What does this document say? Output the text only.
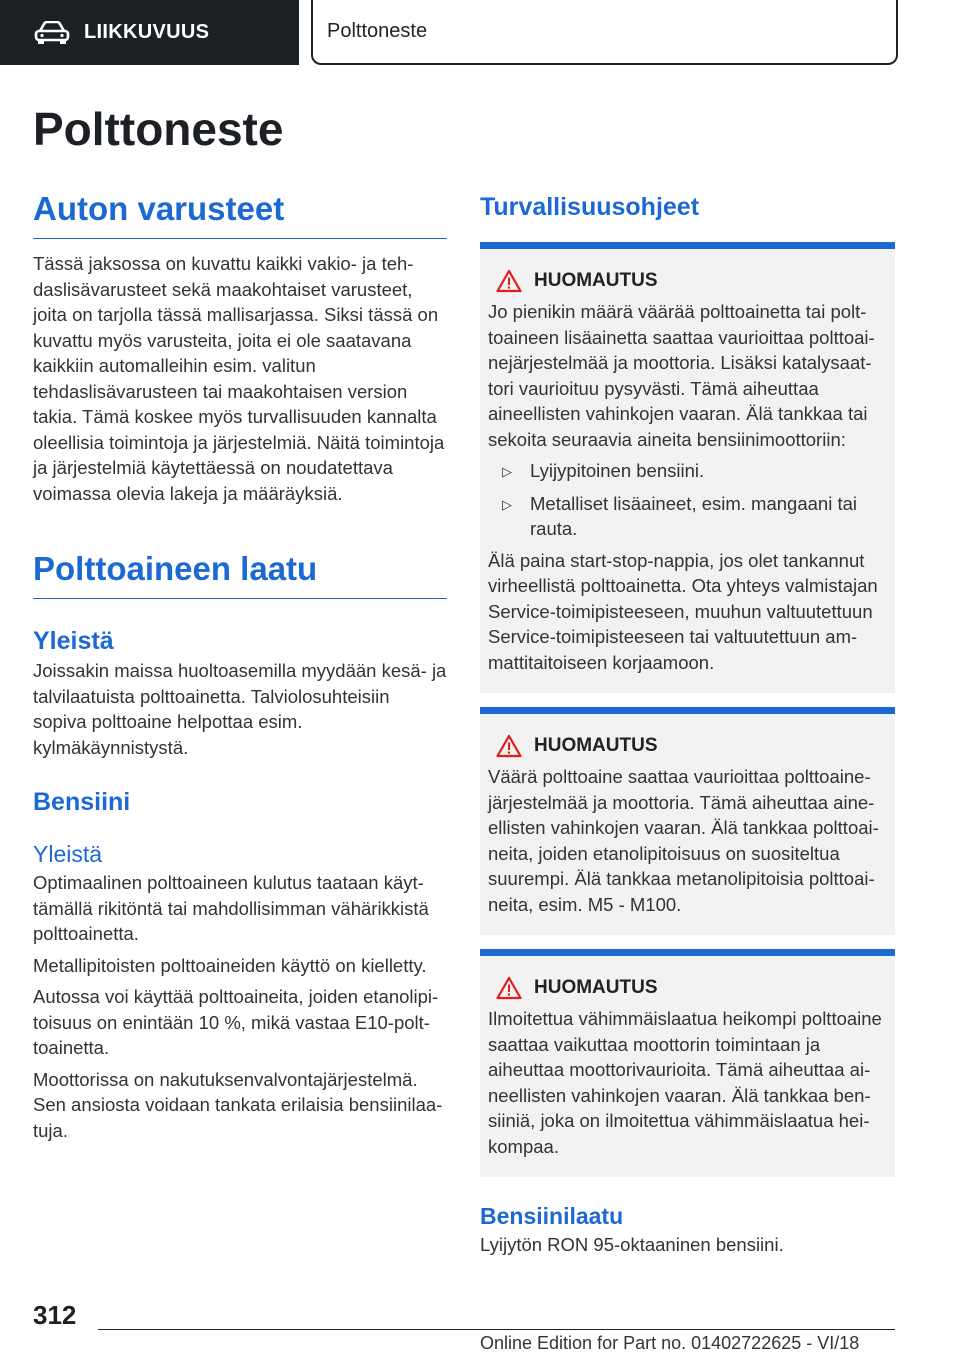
LIIKKUVUUS	Polttoneste
Polttoneste
Auton varusteet

Tässä jaksossa on kuvattu kaikki vakio- ja tehdaslisävarusteet sekä maakohtaiset varusteet, joita on tarjolla tässä mallisarjassa. Siksi tässä on kuvattu myös varusteita, joita ei ole saatavana kaikkiin automalleihin esim. valitun tehdaslisävarusteen tai maakohtaisen version takia. Tämä koskee myös turvallisuuden kannalta oleellisia toimintoja ja järjestelmiä. Näitä toimintoja ja järjestelmiä käytettäessä on noudatettava voimassa olevia lakeja ja määräyksiä.

Polttoaineen laatu
Yleistä

Joissakin maissa huoltoasemilla myydään kesä- ja talvilaatuista polttoainetta. Talviolosuhteisiin sopiva polttoaine helpottaa esim. kylmäkäynnistystä.

Bensiini
Yleistä

Optimaalinen polttoaineen kulutus taataan käyttämällä rikitöntä tai mahdollisimman vähärikkistä polttoainetta.

Metallipitoisten polttoaineiden käyttö on kielletty.

Autossa voi käyttää polttoaineita, joiden etanolipitoisuus on enintään 10 %, mikä vastaa E10-polttoainetta.

Moottorissa on nakutuksenvalvontajärjestelmä. Sen ansiosta voidaan tankata erilaisia bensiinilaatuja.

Turvallisuusohjeet
HUOMAUTUS

Jo pienikin määrä väärää polttoainetta tai polttoaineen lisäainetta saattaa vaurioittaa polttoainejärjestelmää ja moottoria. Lisäksi katalysaattori vaurioituu pysyvästi. Tämä aiheuttaa aineellisten vahinkojen vaaran. Älä tankkaa tai sekoita seuraavia aineita bensiinimoottoriin:

▷ Lyijypitoinen bensiini.
▷ Metalliset lisäaineet, esim. mangaani tai rauta.

Älä paina start-stop-nappia, jos olet tankannut virheellistä polttoainetta. Ota yhteys valmistajan Service-toimipisteeseen, muuhun valtuutettuun Service-toimipisteeseen tai valtuutettuun ammattitaitoiseen korjaamoon.

HUOMAUTUS

Väärä polttoaine saattaa vaurioittaa polttoainejärjestelmää ja moottoria. Tämä aiheuttaa aineellisten vahinkojen vaaran. Älä tankkaa polttoaineita, joiden etanolipitoisuus on suositeltua suurempi. Älä tankkaa metanolipitoisia polttoaineita, esim. M5 - M100.

HUOMAUTUS

Ilmoitettua vähimmäislaatua heikompi polttoaine saattaa vaikuttaa moottorin toimintaan ja aiheuttaa moottorivaurioita. Tämä aiheuttaa aineellisten vahinkojen vaaran. Älä tankkaa bensiiniä, joka on ilmoitettua vähimmäislaatua heikompaa.

Bensiinilaatu

Lyijytön RON 95-oktaaninen bensiini.

312
Online Edition for Part no. 01402722625 - VI/18
